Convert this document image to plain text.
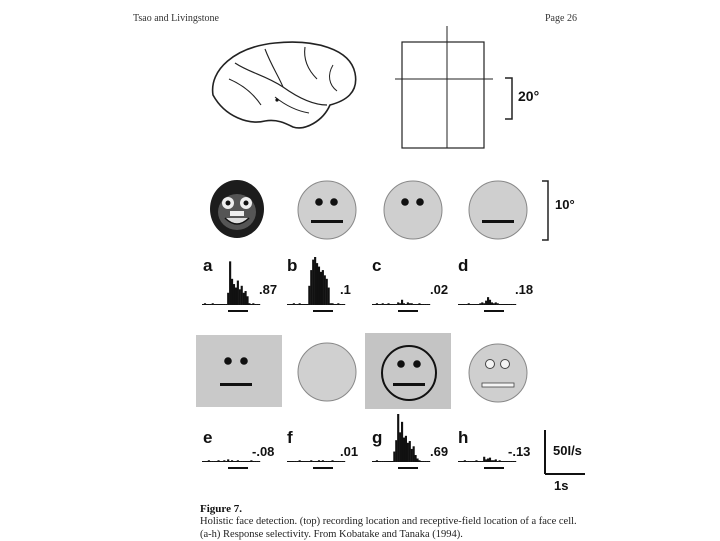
Tsao and Livingstone	Page 26
20°
10°
a
.87
b
.1
c
.02
d
.18
e
-.08
f
.01
g
.69
h
-.13 50I/s
1s
Figure 7.
Holistic face detection. (top) recording location and receptive-field location of a face cell. (a-h) Response selectivity. From Kobatake and Tanaka (1994).
